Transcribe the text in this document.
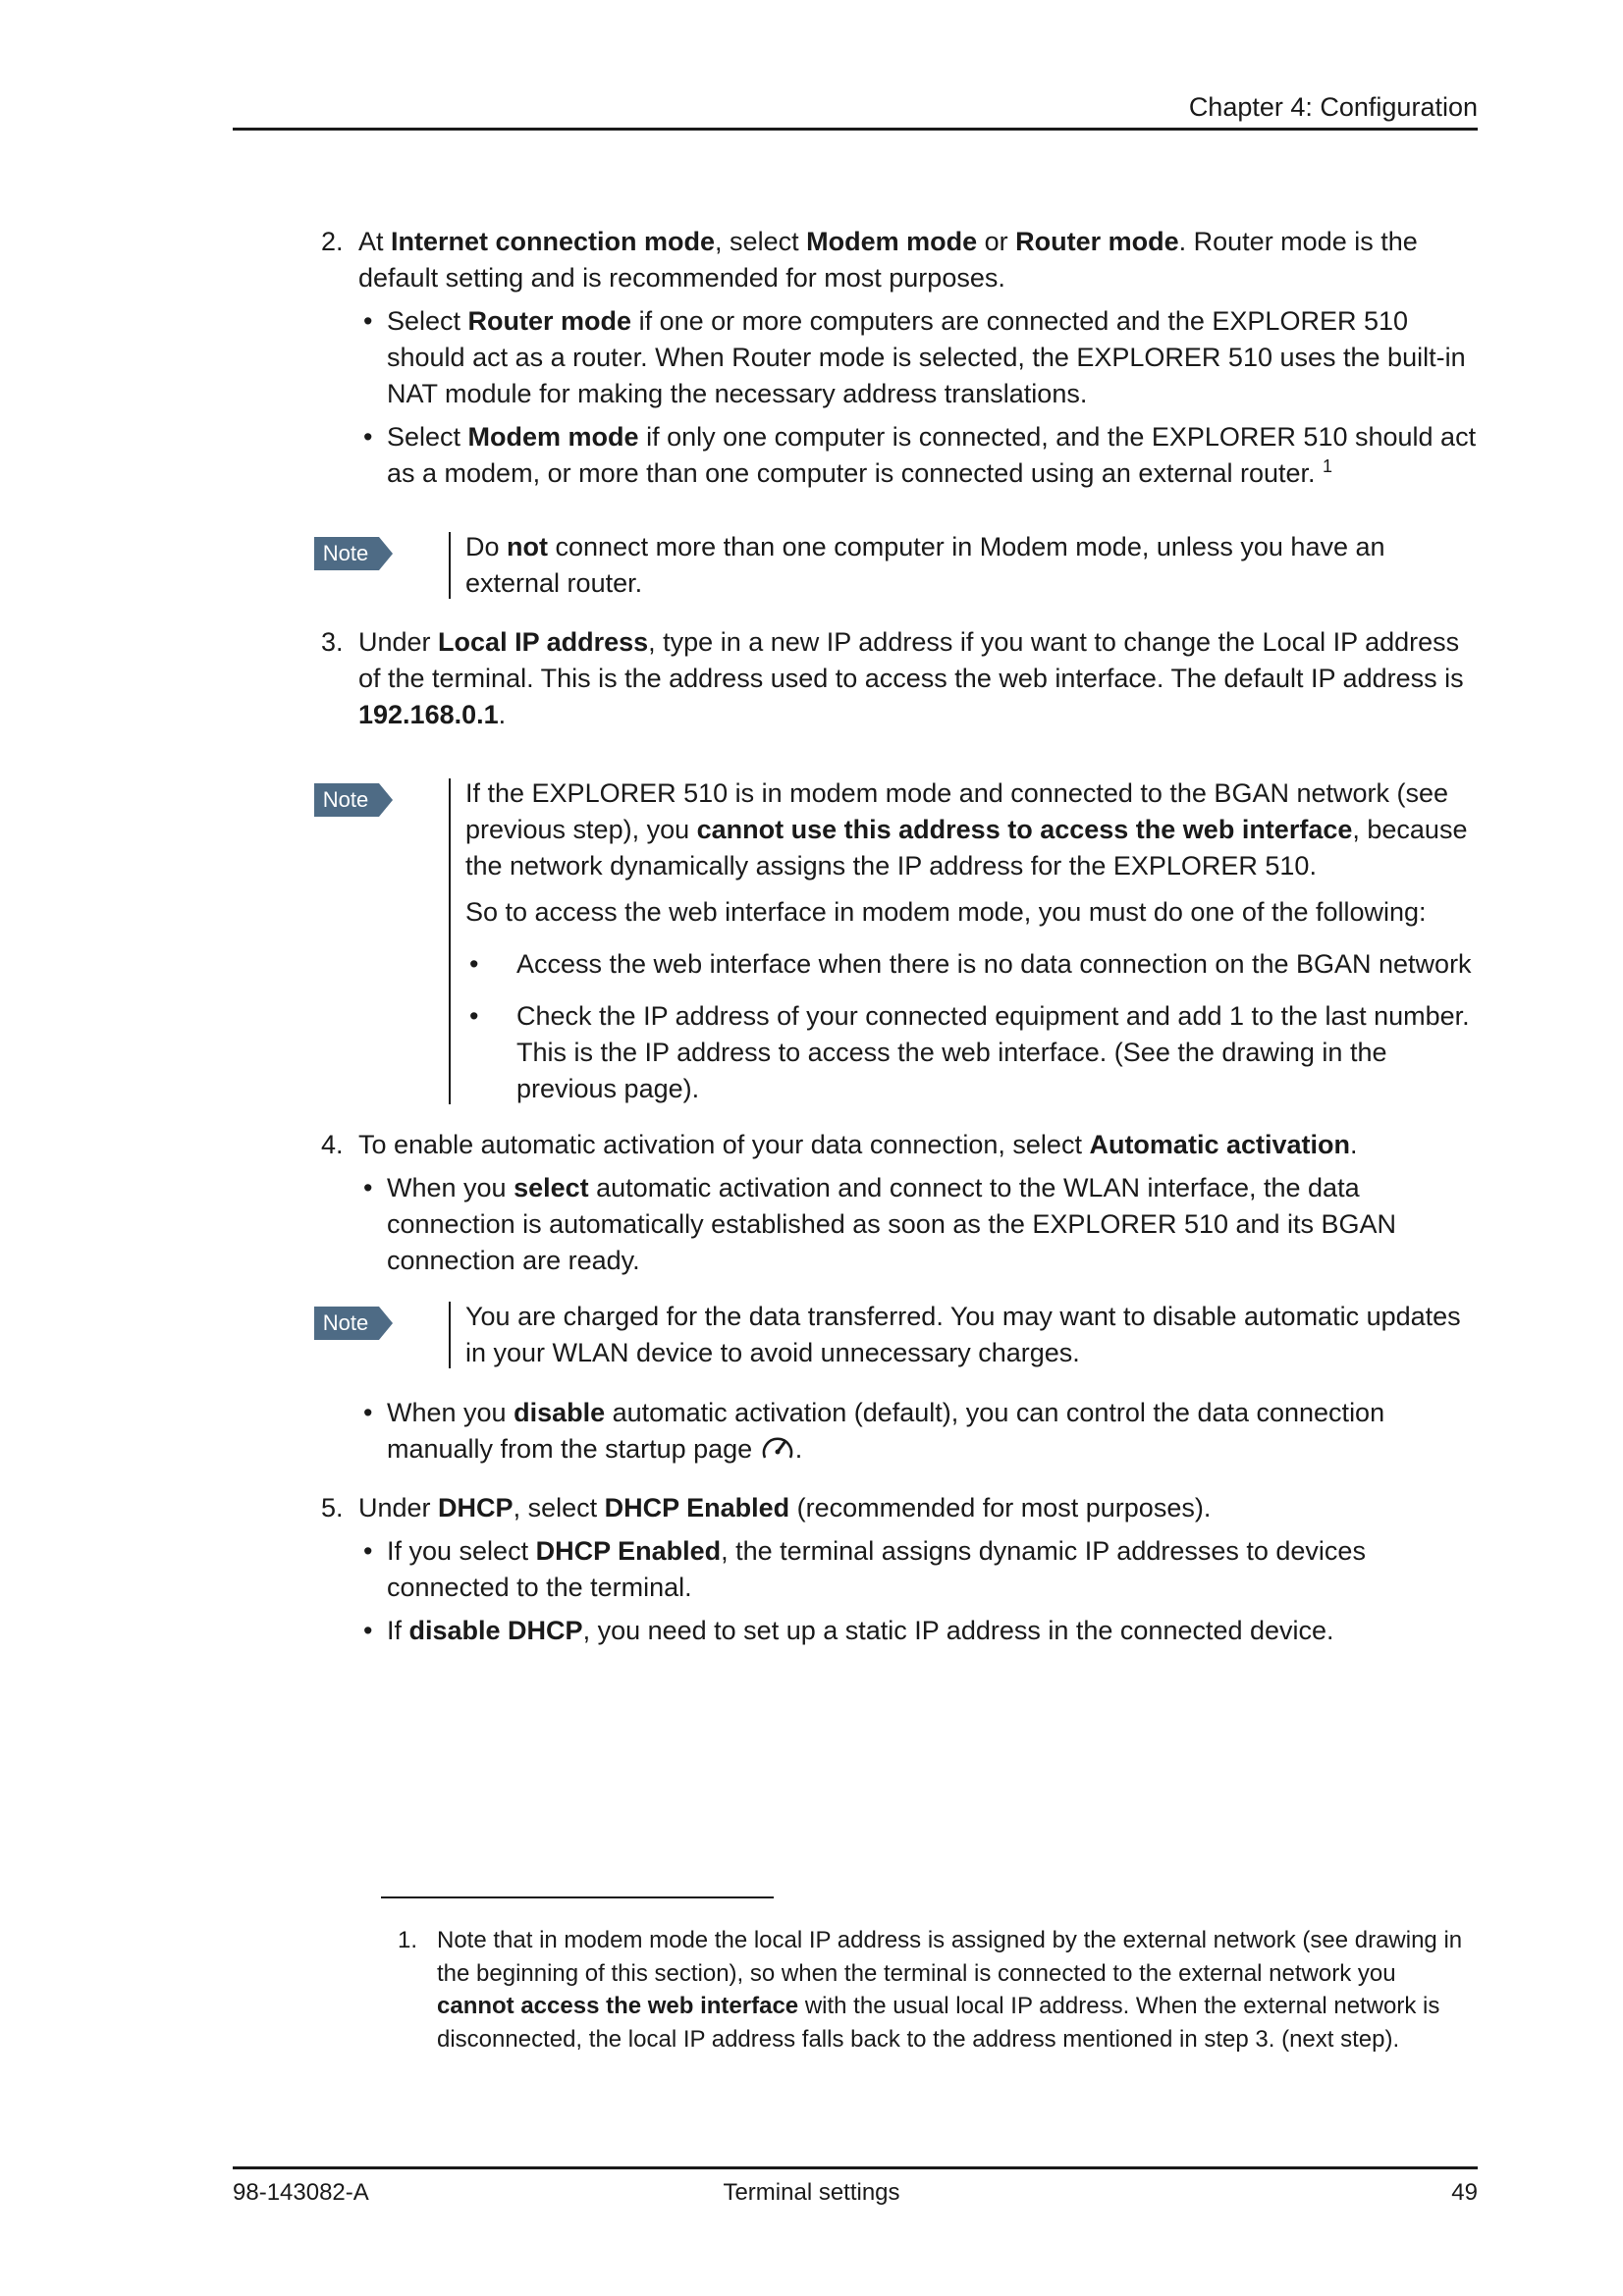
Chapter 4: Configuration
2. At Internet connection mode, select Modem mode or Router mode. Router mode is the default setting and is recommended for most purposes.

• Select Router mode if one or more computers are connected and the EXPLORER 510 should act as a router. When Router mode is selected, the EXPLORER 510 uses the built-in NAT module for making the necessary address translations.
• Select Modem mode if only one computer is connected, and the EXPLORER 510 should act as a modem, or more than one computer is connected using an external router. $^1$
Note	Do not connect more than one computer in Modem mode, unless you have an external router.

3. Under Local IP address, type in a new IP address if you want to change the Local IP address of the terminal. This is the address used to access the web interface. The default IP address is 192.168.0.1.

Note	If the EXPLORER 510 is in modem mode and connected to the BGAN network (see previous step), you cannot use this address to access the web interface, because the network dynamically assigns the IP address for the EXPLORER 510.

So to access the web interface in modem mode, you must do one of the following:

• Access the web interface when there is no data connection on the BGAN network
• Check the IP address of your connected equipment and add 1 to the last number. This is the IP address to access the web interface. (See the drawing in the previous page).
4. To enable automatic activation of your data connection, select Automatic activation.

• When you select automatic activation and connect to the WLAN interface, the data connection is automatically established as soon as the EXPLORER 510 and its BGAN connection are ready.
Note	You are charged for the data transferred. You may want to disable automatic updates in your WLAN device to avoid unnecessary charges.

• When you disable automatic activation (default), you can control the data connection manually from the startup page .
5. Under DHCP, select DHCP Enabled (recommended for most purposes).

• If you select DHCP Enabled, the terminal assigns dynamic IP addresses to devices connected to the terminal.
• If disable DHCP, you need to set up a static IP address in the connected device.
1. Note that in modem mode the local IP address is assigned by the external network (see drawing in the beginning of this section), so when the terminal is connected to the external network you cannot access the web interface with the usual local IP address. When the external network is disconnected, the local IP address falls back to the address mentioned in step 3. (next step).
98-143082-A	Terminal settings	49
